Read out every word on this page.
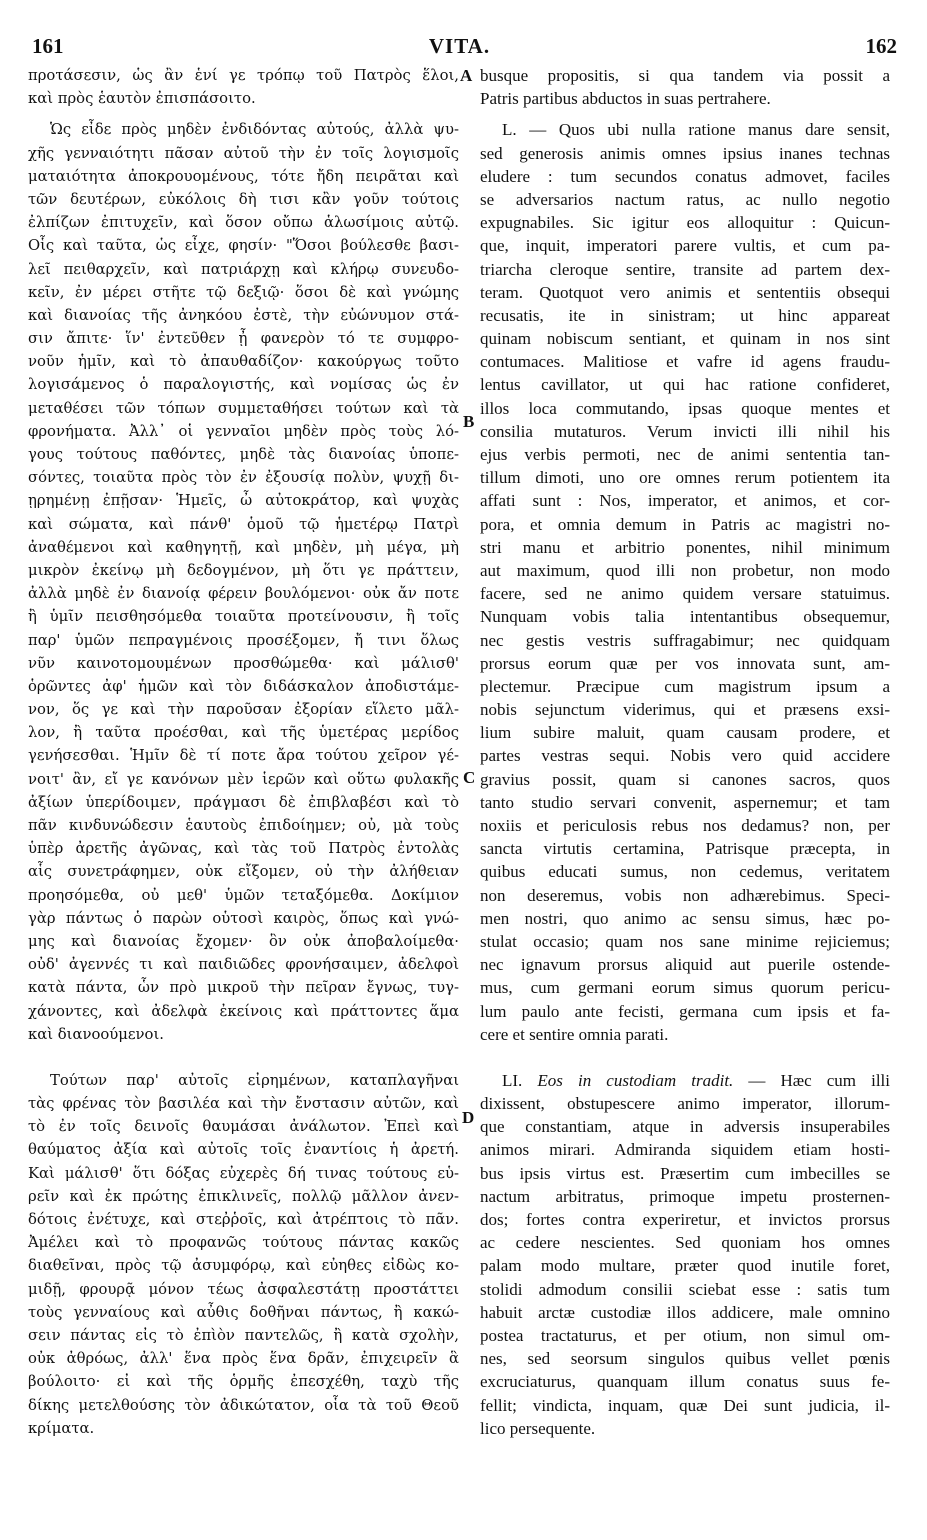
161	VITA.	162
A
B
C
D
προτάσεσιν, ὡς ἂν ἑνί γε τρόπῳ τοῦ Πατρὸς ἕλοι,
καὶ πρὸς ἑαυτὸν ἐπισπάσοιτο.
Ὡς εἶδε πρὸς μηδὲν ἐνδιδόντας αὐτούς, ἀλλὰ ψυ-
χῆς γενναιότητι πᾶσαν αὐτοῦ τὴν ἐν τοῖς λογισμοῖς
ματαιότητα ἀποκρουομένους, τότε ἤδη πειρᾶται καὶ
τῶν δευτέρων, εὐκόλοις δὴ τισι κἂν γοῦν τούτοις
ἐλπίζων ἐπιτυχεῖν, καὶ ὅσον οὔπω ἁλωσίμοις αὐτῷ.
Οἷς καὶ ταῦτα, ὡς εἶχε, φησίν· "Ὅσοι βούλεσθε βασι-
λεῖ πειθαρχεῖν, καὶ πατριάρχῃ καὶ κλήρῳ συνευδο-
κεῖν, ἐν μέρει στῆτε τῷ δεξιῷ· ὅσοι δὲ καὶ γνώμης
καὶ διανοίας τῆς ἀνηκόου ἐστὲ, τὴν εὐώνυμον στά-
σιν ἄπιτε· ἵν' ἐντεῦθεν ᾖ φανερὸν τό τε συμφρο-
νοῦν ἡμῖν, καὶ τὸ ἀπαυθαδίζον· κακούργως τοῦτο
λογισάμενος ὁ παραλογιστής, καὶ νομίσας ὡς ἐν
μεταθέσει τῶν τόπων συμμεταθήσει τούτων καὶ τὰ
φρονήματα. Ἀλλ᾽ οἱ γενναῖοι μηδὲν πρὸς τοὺς λό-
γους τούτους παθόντες, μηδὲ τὰς διανοίας ὑποπε-
σόντες, τοιαῦτα πρὸς τὸν ἐν ἐξουσίᾳ πολὺν, ψυχῇ δι-
ῃρημένῃ ἐπῇσαν· Ἡμεῖς, ὦ αὐτοκράτορ, καὶ ψυχὰς
καὶ σώματα, καὶ πάνθ' ὁμοῦ τῷ ἡμετέρῳ Πατρὶ
ἀναθέμενοι καὶ καθηγητῇ, καὶ μηδὲν, μὴ μέγα, μὴ
μικρὸν ἐκείνῳ μὴ δεδογμένον, μὴ ὅτι γε πράττειν,
ἀλλὰ μηδὲ ἐν διανοίᾳ φέρειν βουλόμενοι· οὐκ ἄν ποτε
ἢ ὑμῖν πεισθησόμεθα τοιαῦτα προτείνουσιν, ἢ τοῖς
παρ' ὑμῶν πεπραγμένοις προσέξομεν, ἤ τινι ὅλως
νῦν καινοτομουμένων προσθώμεθα· καὶ μάλισθ'
ὁρῶντες ἀφ' ἡμῶν καὶ τὸν διδάσκαλον ἀποδιστάμε-
νον, ὅς γε καὶ τὴν παροῦσαν ἐξορίαν εἵλετο μᾶλ-
λον, ἢ ταῦτα προέσθαι, καὶ τῆς ὑμετέρας μερίδος
γενήσεσθαι. Ἡμῖν δὲ τί ποτε ἄρα τούτου χεῖρον γέ-
νοιτ' ἂν, εἴ γε κανόνων μὲν ἱερῶν καὶ οὕτω φυλακῆς
ἀξίων ὑπερίδοιμεν, πράγμασι δὲ ἐπιβλαβέσι καὶ τὸ
πᾶν κινδυνώδεσιν ἑαυτοὺς ἐπιδοίημεν; οὐ, μὰ τοὺς
ὑπὲρ ἀρετῆς ἀγῶνας, καὶ τὰς τοῦ Πατρὸς ἐντολὰς
αἷς συνετράφημεν, οὐκ εἴξομεν, οὐ τὴν ἀλήθειαν
προησόμεθα, οὐ μεθ' ὑμῶν τεταξόμεθα. Δοκίμιον
γὰρ πάντως ὁ παρὼν οὑτοσὶ καιρὸς, ὅπως καὶ γνώ-
μης καὶ διανοίας ἔχομεν· ὃν οὐκ ἀποβαλοίμεθα·
οὐδ' ἀγεννές τι καὶ παιδιῶδες φρονήσαιμεν, ἀδελφοὶ
κατὰ πάντα, ὧν πρὸ μικροῦ τὴν πεῖραν ἔγνως, τυγ-
χάνοντες, καὶ ἀδελφὰ ἐκείνοις καὶ πράττοντες ἅμα
καὶ διανοούμενοι.
Τούτων παρ' αὐτοῖς εἰρημένων, καταπλαγῆναι
τὰς φρένας τὸν βασιλέα καὶ τὴν ἔνστασιν αὐτῶν, καὶ
τὸ ἐν τοῖς δεινοῖς θαυμάσαι ἀνάλωτον. Ἐπεὶ καὶ
θαύματος ἀξία καὶ αὐτοῖς τοῖς ἐναντίοις ἡ ἀρετή.
Καὶ μάλισθ' ὅτι δόξας εὐχερὲς δή τινας τούτους εὑ-
ρεῖν καὶ ἐκ πρώτης ἐπικλινεῖς, πολλῷ μᾶλλον ἀνεν-
δότοις ἐνέτυχε, καὶ στεῤῥοῖς, καὶ ἀτρέπτοις τὸ πᾶν.
Ἀμέλει καὶ τὸ προφανῶς τούτους πάντας κακῶς
διαθεῖναι, πρὸς τῷ ἀσυμφόρῳ, καὶ εὐηθες εἰδὼς κο-
μιδῇ, φρουρᾷ μόνον τέως ἀσφαλεστάτῃ προστάττει
τοὺς γενναίους καὶ αὖθις δοθῆναι πάντως, ἢ κακώ-
σειν πάντας εἰς τὸ ἐπὶὸν παντελῶς, ἢ κατὰ σχολὴν,
οὐκ ἀθρόως, ἀλλ' ἕνα πρὸς ἕνα δρᾶν, ἐπιχειρεῖν ἃ
βούλοιτο· εἰ καὶ τῆς ὁρμῆς ἐπεσχέθη, ταχὺ τῆς
δίκης μετελθούσης τὸν ἀδικώτατον, οἷα τὰ τοῦ Θεοῦ
κρίματα.
busque propositis, si qua tandem via possit a
Patris partibus abductos in suas pertrahere.
L. — Quos ubi nulla ratione manus dare sensit,
sed generosis animis omnes ipsius inanes technas
eludere : tum secundos conatus admovet, faciles
se adversarios nactum ratus, ac nullo negotio
expugnabiles. Sic igitur eos alloquitur : Quicun-
que, inquit, imperatori parere vultis, et cum pa-
triarcha cleroque sentire, transite ad partem dex-
teram. Quotquot vero animis et sententiis obsequi
recusatis, ite in sinistram; ut hinc appareat
quinam nobiscum sentiant, et quinam in nos sint
contumaces. Malitiose et vafre id agens fraudu-
lentus cavillator, ut qui hac ratione confideret,
illos loca commutando, ipsas quoque mentes et
consilia mutaturos. Verum invicti illi nihil his
ejus verbis permoti, nec de animi sententia tan-
tillum dimoti, uno ore omnes rerum potientem ita
affati sunt : Nos, imperator, et animos, et cor-
pora, et omnia demum in Patris ac magistri no-
stri manu et arbitrio ponentes, nihil minimum
aut maximum, quod illi non probetur, non modo
facere, sed ne animo quidem versare statuimus.
Nunquam vobis talia intentantibus obsequemur,
nec gestis vestris suffragabimur; nec quidquam
prorsus eorum quæ per vos innovata sunt, am-
plectemur. Præcipue cum magistrum ipsum a
nobis sejunctum viderimus, qui et præsens exsi-
lium subire maluit, quam causam prodere, et
partes vestras sequi. Nobis vero quid accidere
gravius possit, quam si canones sacros, quos
tanto studio servari convenit, aspernemur; et tam
noxiis et periculosis rebus nos dedamus? non, per
sancta virtutis certamina, Patrisque præcepta, in
quibus educati sumus, non cedemus, veritatem
non deseremus, vobis non adhærebimus. Speci-
men nostri, quo animo ac sensu simus, hæc po-
stulat occasio; quam nos sane minime rejiciemus;
nec ignavum prorsus aliquid aut puerile ostende-
mus, cum germani eorum simus quorum pericu-
lum paulo ante fecisti, germana cum ipsis et fa-
cere et sentire omnia parati.
LI. Eos in custodiam tradit. — Hæc cum illi
dixissent, obstupescere animo imperator, illorum-
que constantiam, atque in adversis insuperabiles
animos mirari. Admiranda siquidem etiam hosti-
bus ipsis virtus est. Præsertim cum imbecilles se
nactum arbitratus, primoque impetu prosternen-
dos; fortes contra experiretur, et invictos prorsus
ac cedere nescientes. Sed quoniam hos omnes
palam modo multare, præter quod inutile foret,
stolidi admodum consilii sciebat esse : satis tum
habuit arctæ custodiæ illos addicere, male omnino
postea tractaturus, et per otium, non simul om-
nes, sed seorsum singulos quibus vellet pœnis
excruciaturus, quanquam illum conatus suus fe-
fellit; vindicta, inquam, quæ Dei sunt judicia, il-
lico persequente.
